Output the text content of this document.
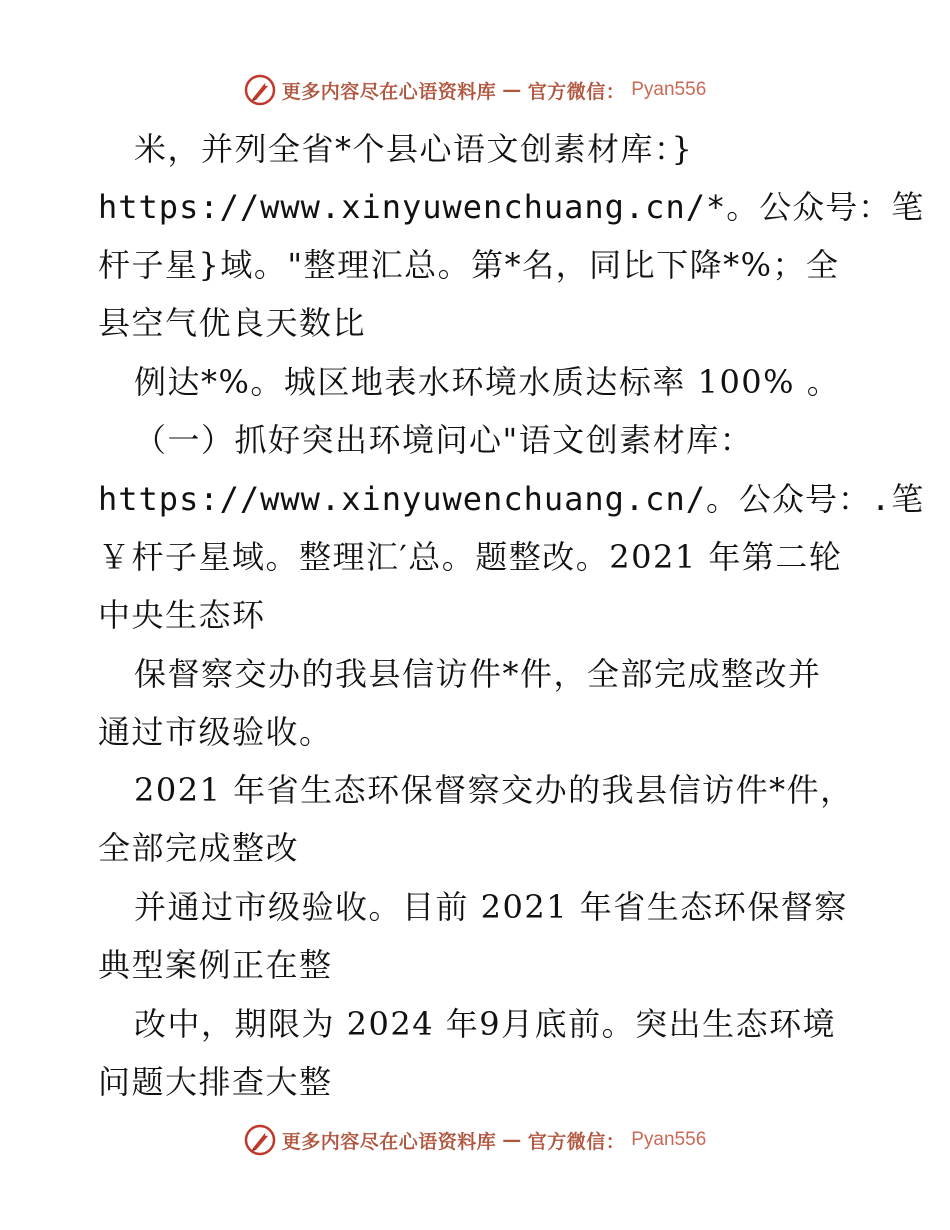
更多内容尽在心语资料库 — 官方微信： Pyan556
米，并列全省*个县心语文创素材库：}
https://www.xinyuwenchuang.cn/*。公众号：笔
杆子星}域。"整理汇总。第*名，同比下降*%；全
县空气优良天数比
例达*%。城区地表水环境水质达标率 100% 。
（一）抓好突出环境问心"语文创素材库：
https://www.xinyuwenchuang.cn/。公众号：.笔
￥杆子星域。整理汇′总。题整改。2021 年第二轮
中央生态环
保督察交办的我县信访件*件，全部完成整改并
通过市级验收。
2021 年省生态环保督察交办的我县信访件*件，
全部完成整改
并通过市级验收。目前 2021 年省生态环保督察
典型案例正在整
改中，期限为 2024 年9月底前。突出生态环境
问题大排查大整
更多内容尽在心语资料库 — 官方微信： Pyan556
